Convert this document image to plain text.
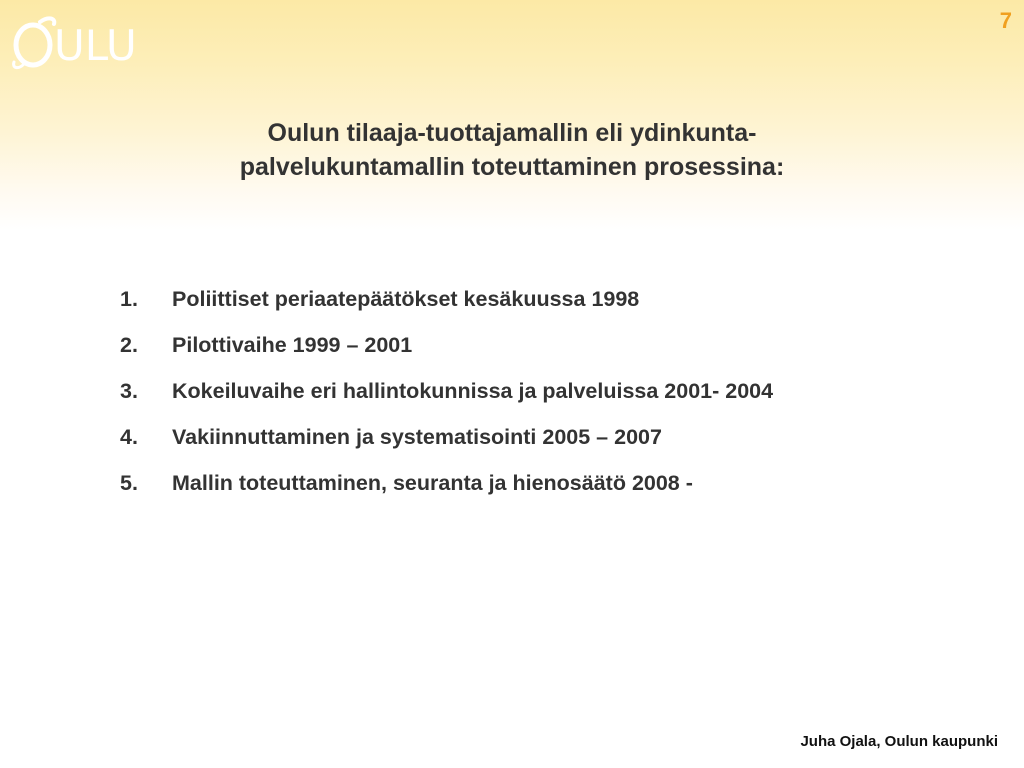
ULU
7
Oulun tilaaja-tuottajamallin eli ydinkunta-
palvelukuntamallin toteuttaminen prosessina:
1.	Poliittiset periaatepäätökset kesäkuussa 1998
2.	Pilottivaihe 1999 – 2001
3.	Kokeiluvaihe eri hallintokunnissa ja palveluissa 2001- 2004
4.	Vakiinnuttaminen ja systematisointi 2005 – 2007
5.	Mallin toteuttaminen, seuranta ja hienosäätö 2008 -
Juha Ojala, Oulun kaupunki
